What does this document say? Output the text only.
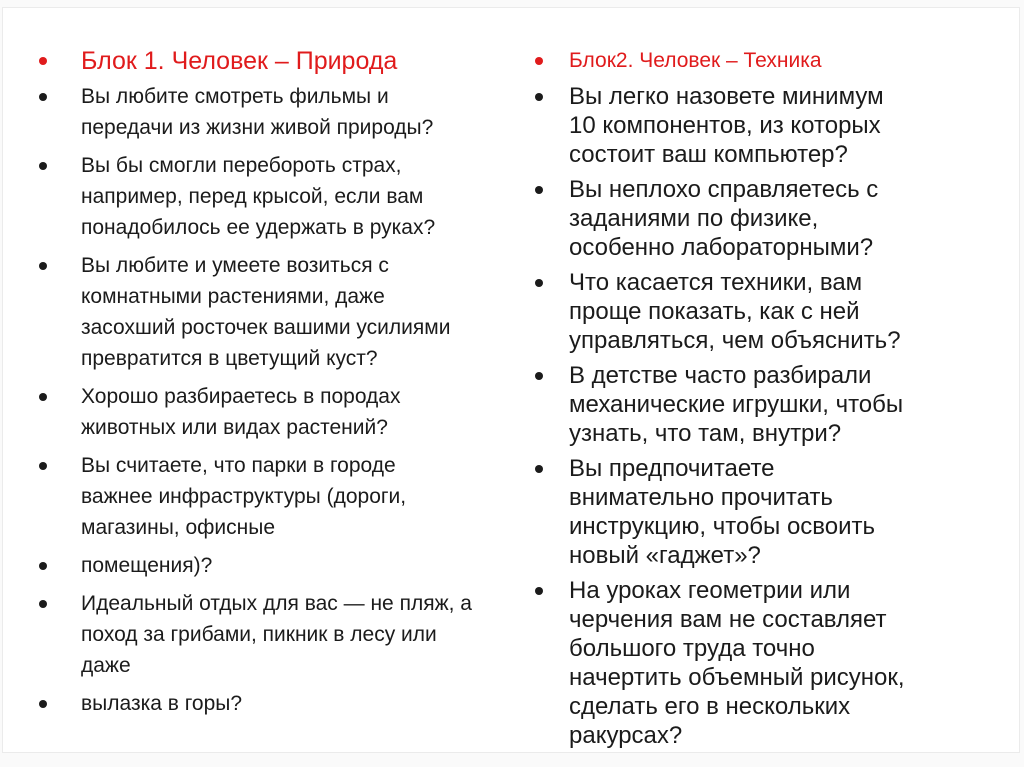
Блок 1. Человек – Природа
Вы любите смотреть фильмы и
передачи из жизни живой природы?
Вы бы смогли перебороть страх,
например, перед крысой, если вам
понадобилось ее удержать в руках?
Вы любите и умеете возиться с
комнатными растениями, даже
засохший росточек вашими усилиями
превратится в цветущий куст?
Хорошо разбираетесь в породах
животных или видах растений?
Вы считаете, что парки в городе
важнее инфраструктуры (дороги,
магазины, офисные
помещения)?
Идеальный отдых для вас — не пляж, а
поход за грибами, пикник в лесу или
даже
вылазка в горы?
Блок2. Человек – Техника
Вы легко назовете минимум
10 компонентов, из которых
состоит ваш компьютер?
Вы неплохо справляетесь с
заданиями по физике,
особенно лабораторными?
Что касается техники, вам
проще показать, как с ней
управляться, чем объяснить?
В детстве часто разбирали
механические игрушки, чтобы
узнать, что там, внутри?
Вы предпочитаете
внимательно прочитать
инструкцию, чтобы освоить
новый «гаджет»?
На уроках геометрии или
черчения вам не составляет
большого труда точно
начертить объемный рисунок,
сделать его в нескольких
ракурсах?
